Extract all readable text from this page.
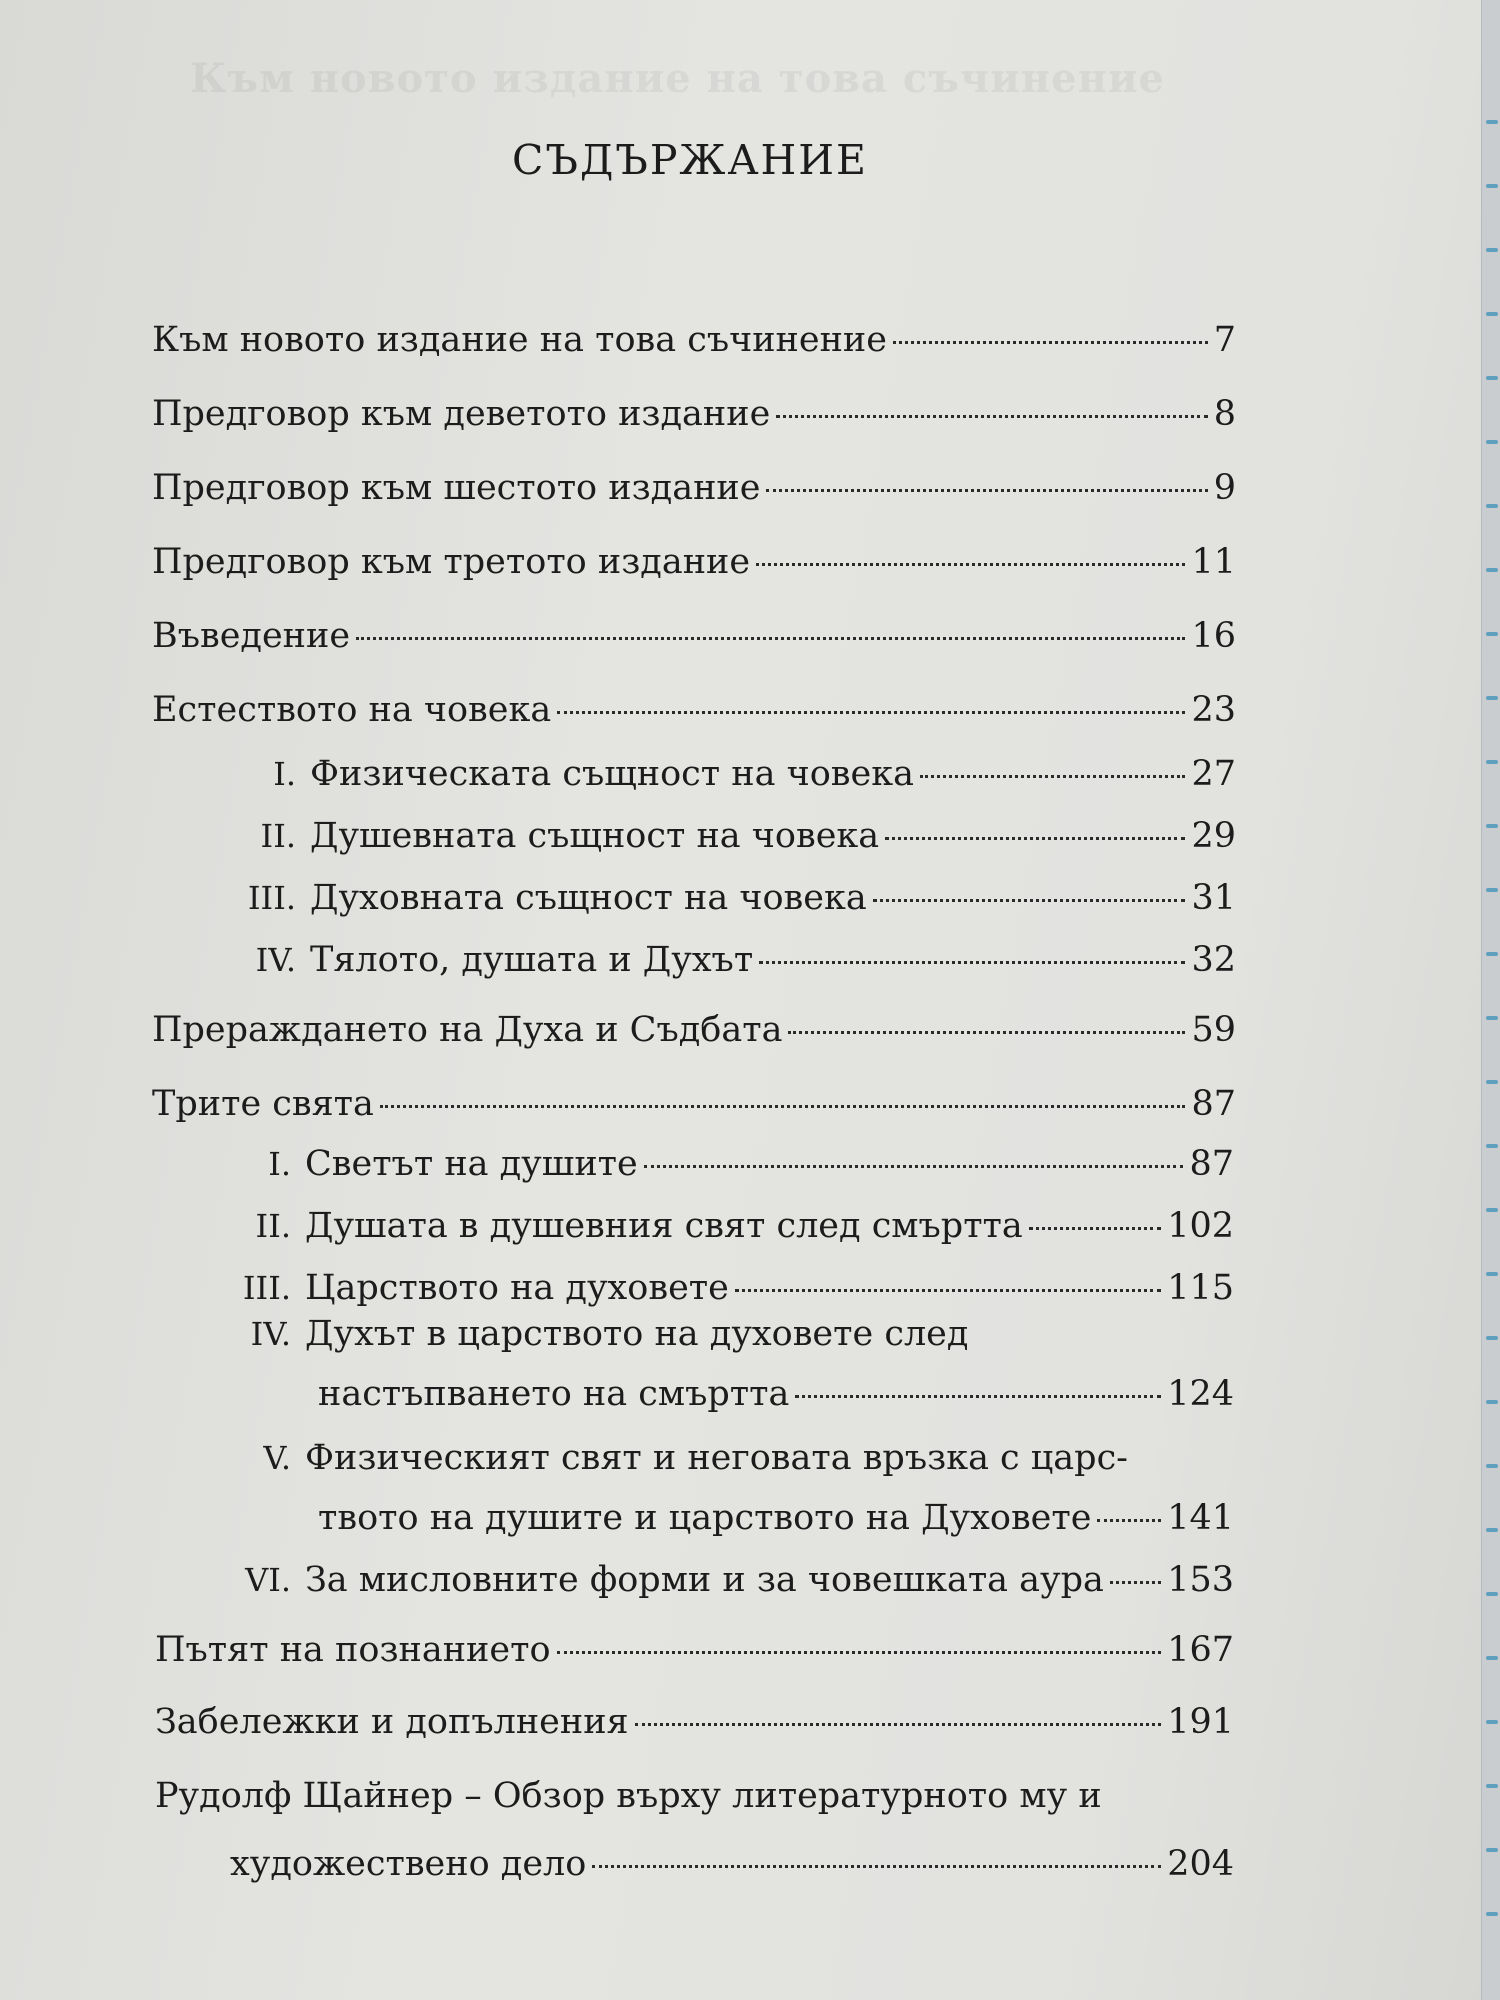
Към новото издание на това съчинение
СЪДЪРЖАНИЕ
Към новото издание на това съчинение	7
Предговор към деветото издание	8
Предговор към шестото издание	9
Предговор към третото издание	11
Въведение	16
Естеството на човека	23
I. Физическата същност на човека	27
II. Душевната същност на човека	29
III. Духовната същност на човека	31
IV. Тялото, душата и Духът	32
Прераждането на Духа и Съдбата	59
Трите свята	87
I. Светът на душите	87
II. Душата в душевния свят след смъртта	102
III. Царството на духовете	115
IV. Духът в царството на духовете след
настъпването на смъртта	124
V. Физическият свят и неговата връзка с царс-
твото на душите и царството на Духовете 141
VI. За мисловните форми и за човешката аура 153
Пътят на познанието	167
Забележки и допълнения	191
Рудолф Щайнер – Обзор върху литературното му и
художествено дело	204
